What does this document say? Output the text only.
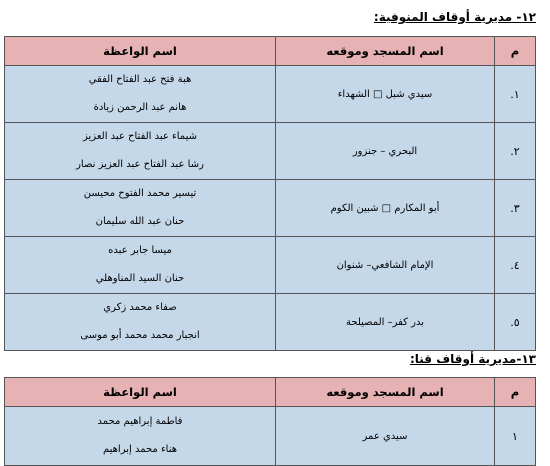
١٢- مديرية أوقاف المنوفية:
م	اسم المسجد وموقعه	اسم الواعظة
١.	سيدي شبل □ الشهداء	هبة فتح عبد الفتاح الفقي
هانم عبد الرحمن زيادة

٢.	البحري – جنزور	شيماء عبد الفتاح عبد العزيز
رشا عبد الفتاح عبد العزيز نصار

٣.	أبو المكارم □ شبين الكوم	تيسير محمد الفتوح محيسن
حنان عبد الله سليمان

٤.	الإمام الشافعي– شنوان	ميسا جابر عبده
حنان السيد المناوهلي

٥.	بدر كفر– المصيلحة	صفاء محمد زكري
انجبار محمد محمد أبو موسى
١٣-مديرية أوقاف قنا:
م	اسم المسجد وموقعه	اسم الواعظة
١	سيدي عمر	فاطمة إبراهيم محمد
هناء محمد إبراهيم
